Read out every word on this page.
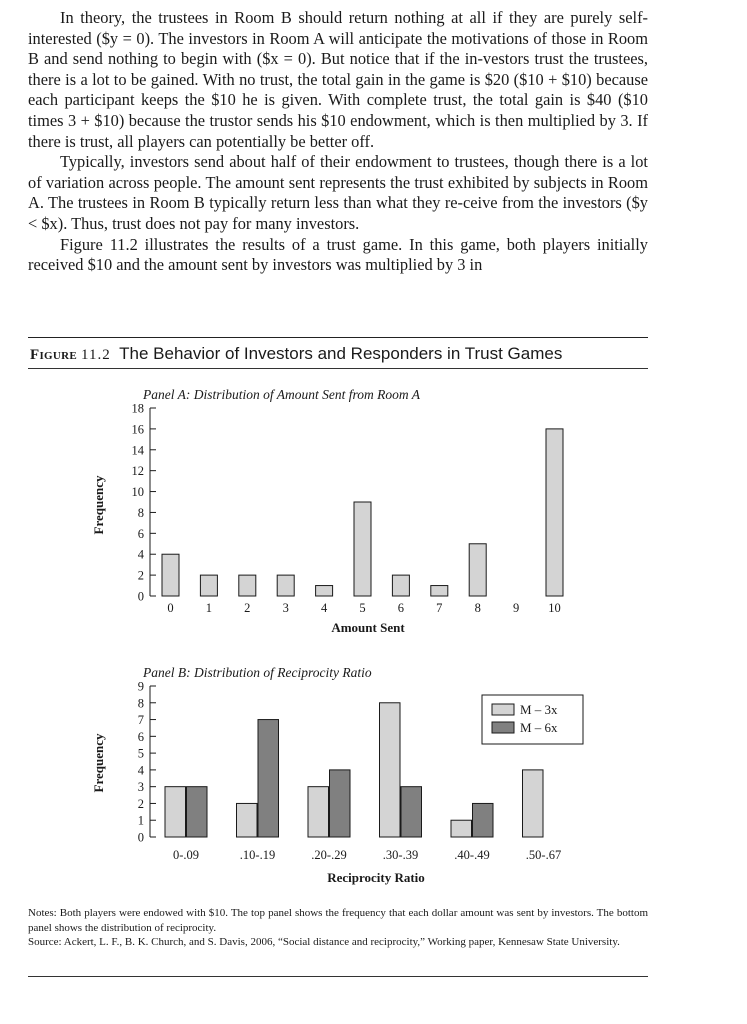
In theory, the trustees in Room B should return nothing at all if they are purely self-interested ($y = 0). The investors in Room A will anticipate the motivations of those in Room B and send nothing to begin with ($x = 0). But notice that if the in-vestors trust the trustees, there is a lot to be gained. With no trust, the total gain in the game is $20 ($10 + $10) because each participant keeps the $10 he is given. With complete trust, the total gain is $40 ($10 times 3 + $10) because the trustor sends his $10 endowment, which is then multiplied by 3. If there is trust, all players can potentially be better off.

Typically, investors send about half of their endowment to trustees, though there is a lot of variation across people. The amount sent represents the trust exhibited by subjects in Room A. The trustees in Room B typically return less than what they re-ceive from the investors ($y < $x). Thus, trust does not pay for many investors.

Figure 11.2 illustrates the results of a trust game. In this game, both players initially received $10 and the amount sent by investors was multiplied by 3 in

Figure 11.2 The Behavior of Investors and Responders in Trust Games
0
2
4
6
8
10
12
14
16
18
0	1	2	3	4	5	6	7	8	9 10
Panel A: Distribution of Amount Sent from Room A
Amount Sent
Frequency
0
1
2
3
4
5
6
7
8
9
0-.09	.10-.19	.20-.29	.30-.39	.40-.49	.50-.67
Panel B: Distribution of Reciprocity Ratio
Reciprocity Ratio
Frequency
M – 3x
M – 6x

Notes: Both players were endowed with $10. The top panel shows the frequency that each dollar amount was sent by investors. The bottom panel shows the distribution of reciprocity.

Source: Ackert, L. F., B. K. Church, and S. Davis, 2006, “Social distance and reciprocity,” Working paper, Kennesaw State University.
